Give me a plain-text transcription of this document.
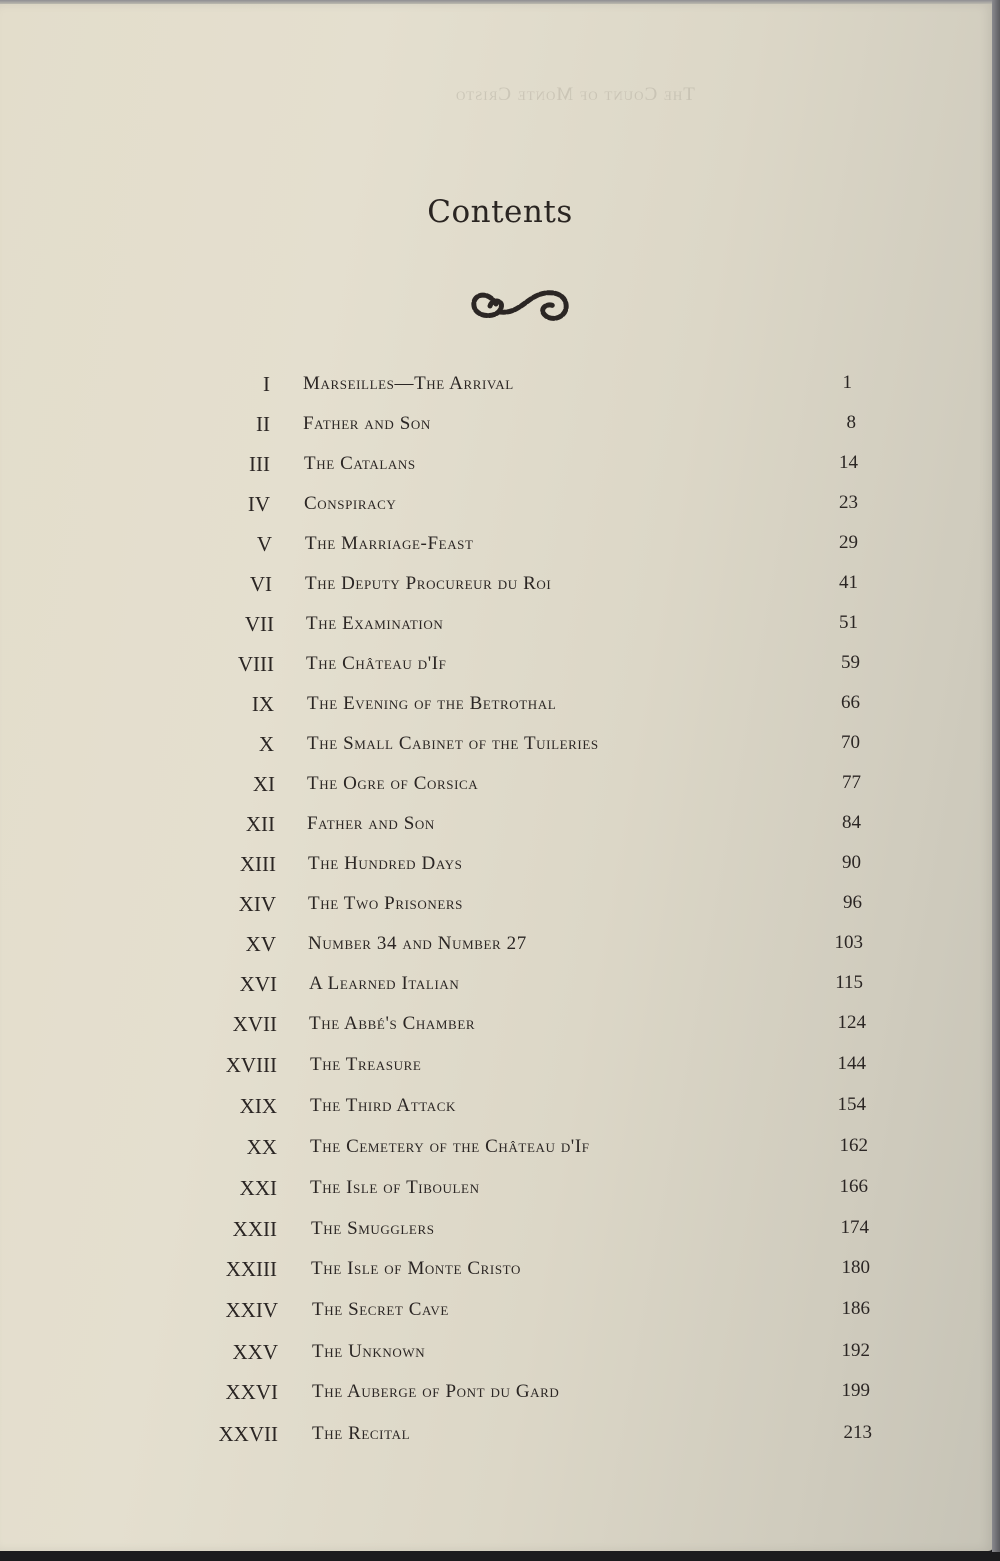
The Count of Monte Cristo
Contents
I Marseilles—The Arrival	1
II Father and Son	8
III The Catalans	14
IV Conspiracy	23
V The Marriage-Feast	29
VI The Deputy Procureur du Roi	41
VII The Examination	51
VIII The Château d'If	59
IX The Evening of the Betrothal	66
X The Small Cabinet of the Tuileries	70
XI The Ogre of Corsica	77
XII Father and Son	84
XIII The Hundred Days	90
XIV The Two Prisoners	96
XV Number 34 and Number 27	103
XVI A Learned Italian	115
XVII The Abbé's Chamber	124
XVIII The Treasure	144
XIX The Third Attack	154
XX The Cemetery of the Château d'If	162
XXI The Isle of Tiboulen	166
XXII The Smugglers	174
XXIII The Isle of Monte Cristo	180
XXIV The Secret Cave	186
XXV The Unknown	192
XXVI The Auberge of Pont du Gard	199
XXVII The Recital	213
